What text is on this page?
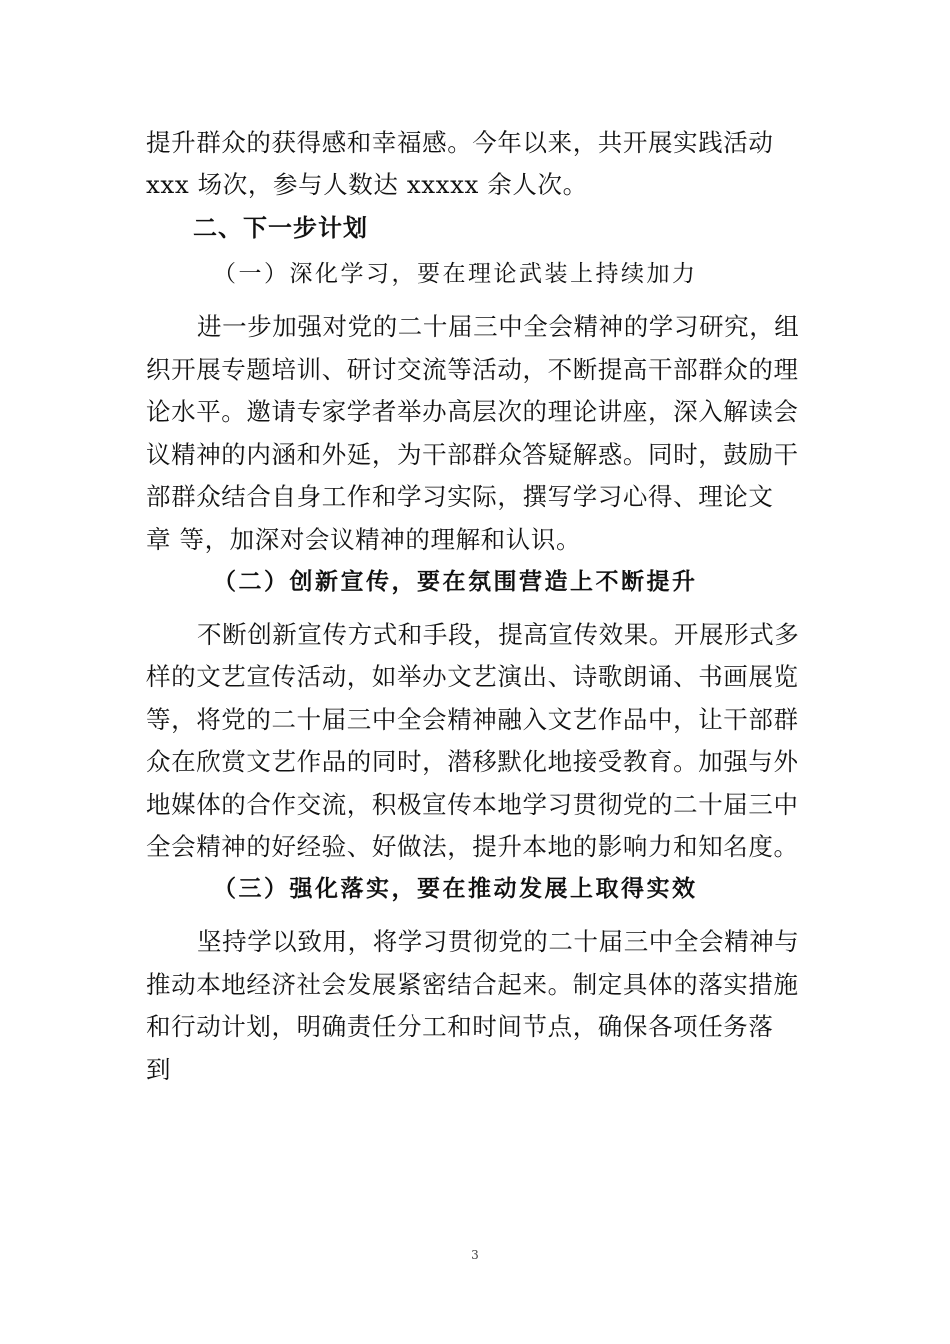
提升群众的获得感和幸福感。今年以来，共开展实践活动
xxx 场次，参与人数达 xxxxx 余人次。
二、下一步计划
（一）深化学习，要在理论武装上持续加力
进一步加强对党的二十届三中全会精神的学习研究，组
织开展专题培训、研讨交流等活动，不断提高干部群众的理
论水平。邀请专家学者举办高层次的理论讲座，深入解读会
议精神的内涵和外延，为干部群众答疑解惑。同时，鼓励干
部群众结合自身工作和学习实际，撰写学习心得、理论文
章 等，加深对会议精神的理解和认识。
（二）创新宣传，要在氛围营造上不断提升
不断创新宣传方式和手段，提高宣传效果。开展形式多
样的文艺宣传活动，如举办文艺演出、诗歌朗诵、书画展览
等，将党的二十届三中全会精神融入文艺作品中，让干部群
众在欣赏文艺作品的同时，潜移默化地接受教育。加强与外
地媒体的合作交流，积极宣传本地学习贯彻党的二十届三中
全会精神的好经验、好做法，提升本地的影响力和知名度。
（三）强化落实，要在推动发展上取得实效
坚持学以致用，将学习贯彻党的二十届三中全会精神与
推动本地经济社会发展紧密结合起来。制定具体的落实措施
和行动计划，明确责任分工和时间节点，确保各项任务落
到
3
